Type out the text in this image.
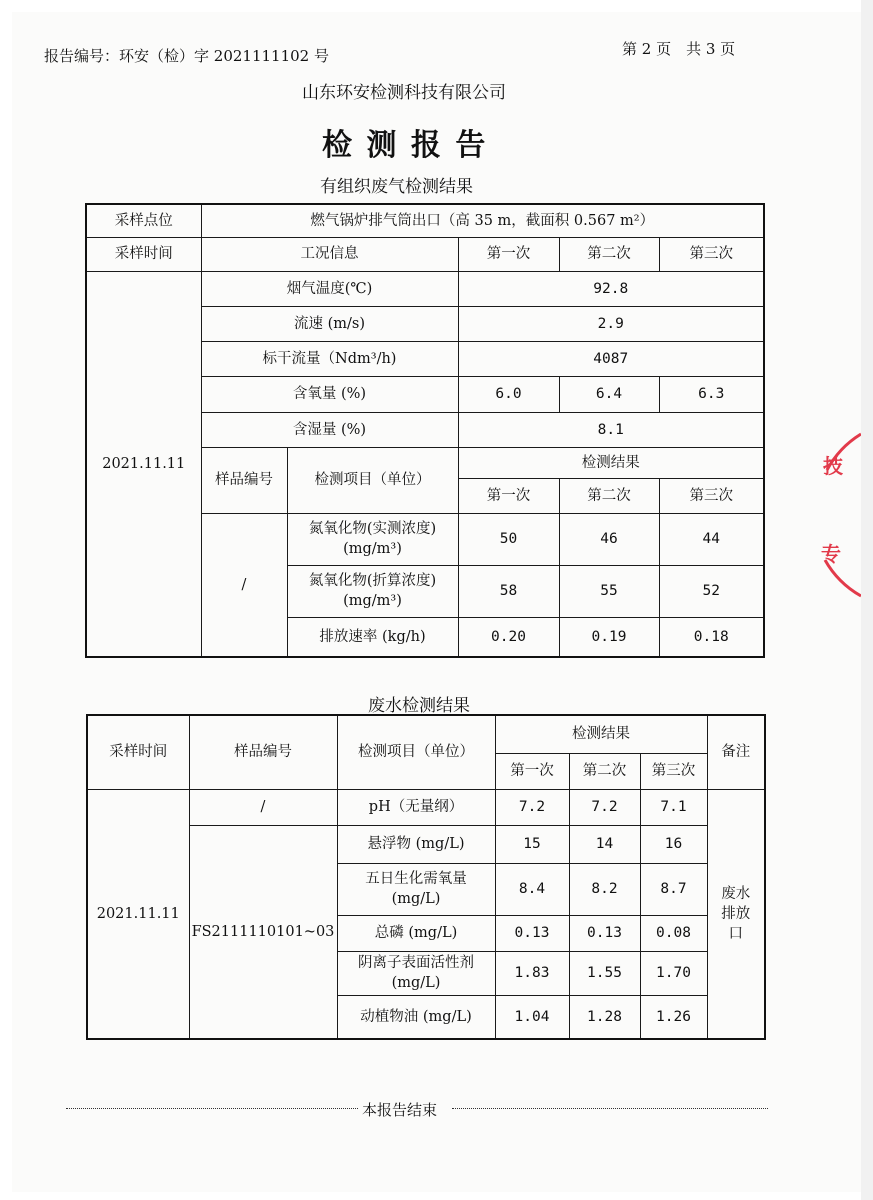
报告编号：环安（检）字 2021111102 号	第 2 页　共 3 页
山东环安检测科技有限公司
检 测 报 告
有组织废气检测结果
采样点位	燃气锅炉排气筒出口（高 35 m，截面积 0.567 m²）				
采样时间	工况信息		第一次	第二次	第三次
2021.11.11	烟气温度(℃)		92.8		
	流速 (m/s)		2.9		
	标干流量（Ndm³/h)		4087		
	含氧量 (%)		6.0	6.4	6.3
	含湿量 (%)		8.1		
	样品编号	检测项目（单位）	检测结果		
			第一次	第二次	第三次
	/	氮氧化物(实测浓度)
(mg/m³)	50	46	44
		氮氧化物(折算浓度)
(mg/m³)	58	55	52
		排放速率 (kg/h)	0.20	0.19	0.18
废水检测结果
采样时间	样品编号	检测项目（单位）	检测结果			备注
			第一次	第二次	第三次	
2021.11.11	/	pH（无量纲）	7.2	7.2	7.1	废水
排放
口
	FS2111110101~03	悬浮物 (mg/L)	15	14	16	
		五日生化需氧量
(mg/L)	8.4	8.2	8.7	
		总磷 (mg/L)	0.13	0.13	0.08	
		阴离子表面活性剂
(mg/L)	1.83	1.55	1.70	
		动植物油 (mg/L)	1.04	1.28	1.26	
本报告结束
技
专
